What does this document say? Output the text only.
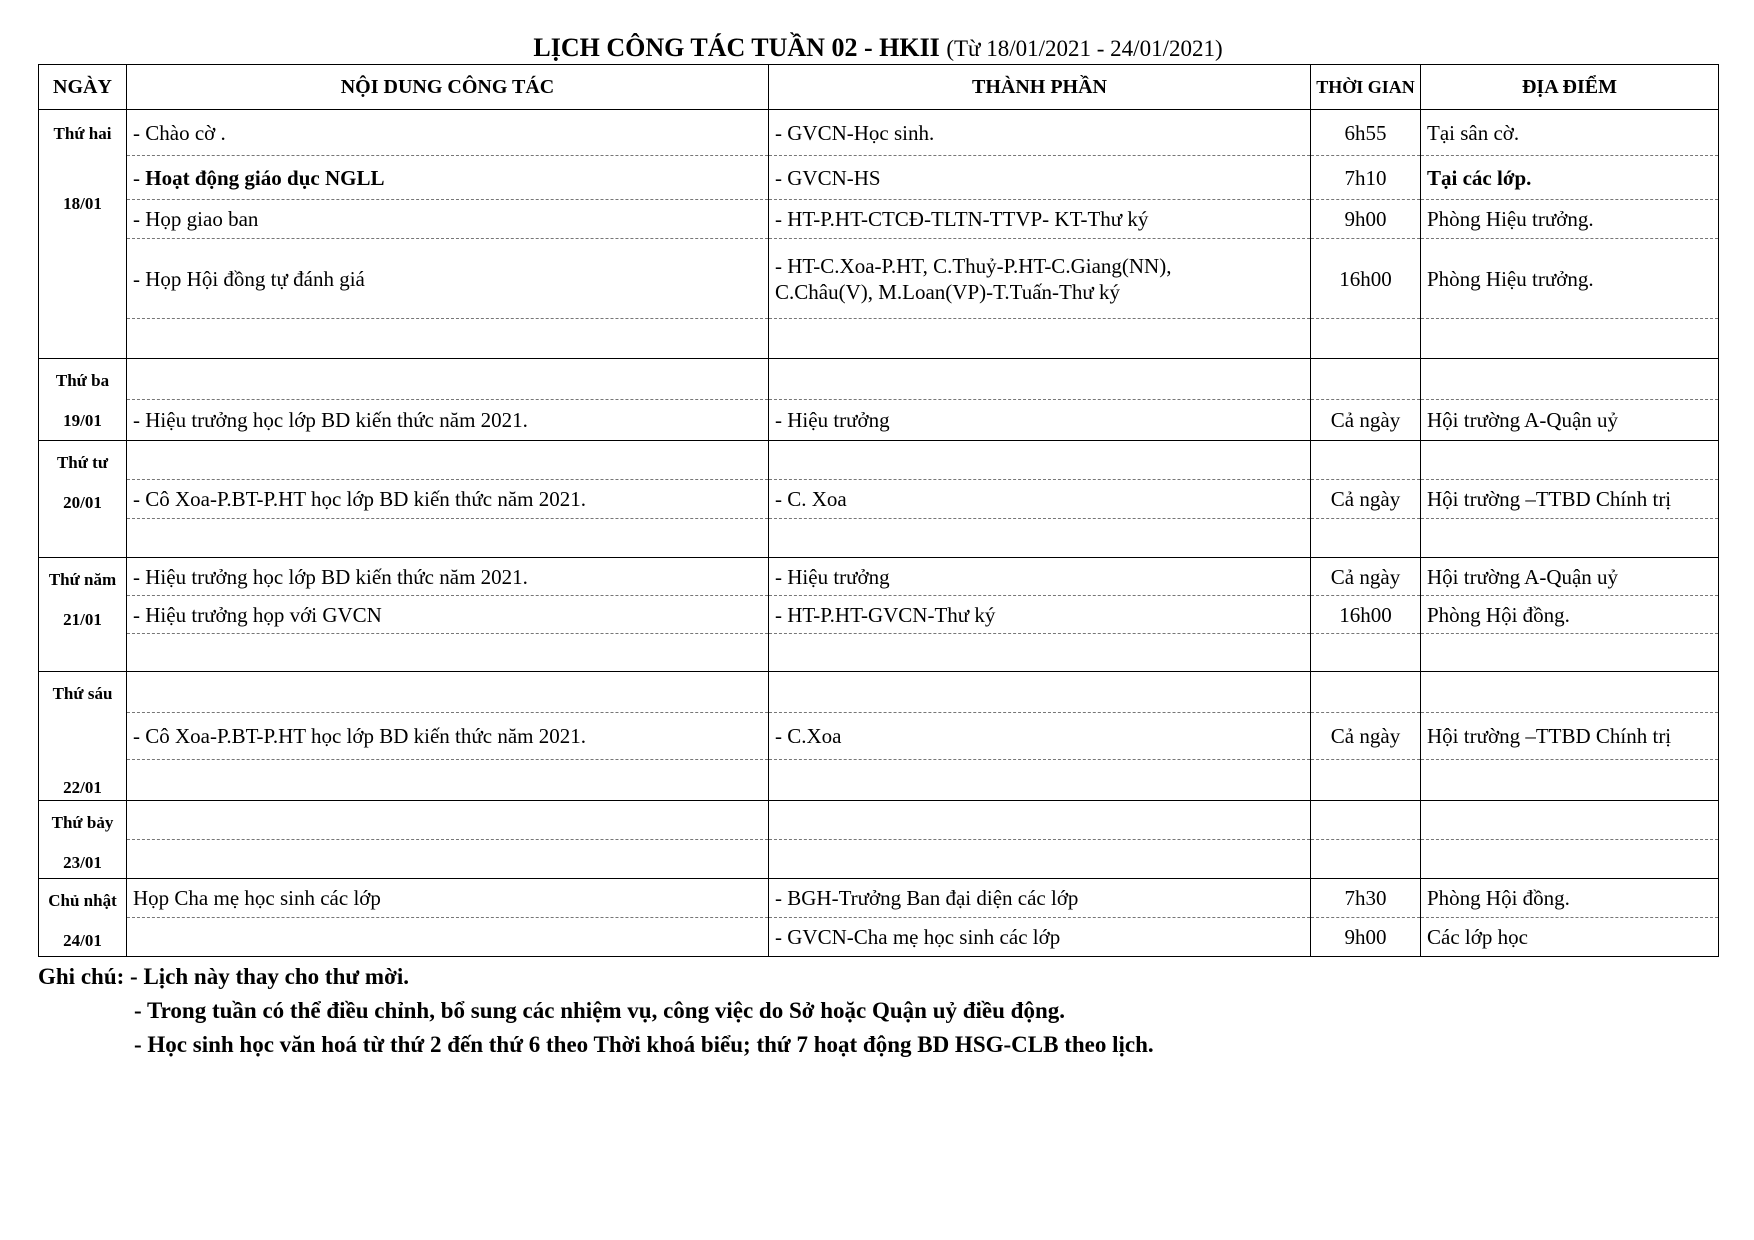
LỊCH CÔNG TÁC TUẦN 02 - HKII (Từ 18/01/2021 - 24/01/2021)
NGÀY	NỘI DUNG CÔNG TÁC	THÀNH PHẦN	THỜI GIAN	ĐỊA ĐIỂM

Thứ hai
18/01	- Chào cờ .	- GVCN-Học sinh.	6h55	Tại sân cờ.
	- Hoạt động giáo dục NGLL	- GVCN-HS	7h10	Tại các lớp.
	- Họp giao ban	- HT-P.HT-CTCĐ-TLTN-TTVP- KT-Thư ký	9h00	Phòng Hiệu trưởng.
	- Họp Hội đồng tự đánh giá	- HT-C.Xoa-P.HT, C.Thuỷ-P.HT-C.Giang(NN),
C.Châu(V), M.Loan(VP)-T.Tuấn-Thư ký	16h00	Phòng Hiệu trưởng.

Thứ ba
19/01				

	- Hiệu trưởng học lớp BD kiến thức năm 2021.	- Hiệu trưởng	Cả ngày	Hội trường A-Quận uỷ

Thứ tư
20/01				

	- Cô Xoa-P.BT-P.HT học lớp BD kiến thức năm 2021.	- C. Xoa	Cả ngày	Hội trường –TTBD Chính trị

Thứ năm
21/01	- Hiệu trưởng học lớp BD kiến thức năm 2021.	- Hiệu trưởng	Cả ngày	Hội trường A-Quận uỷ
	- Hiệu trưởng họp với GVCN	- HT-P.HT-GVCN-Thư ký	16h00	Phòng Hội đồng.

Thứ sáu
22/01				

	- Cô Xoa-P.BT-P.HT học lớp BD kiến thức năm 2021.	- C.Xoa	Cả ngày	Hội trường –TTBD Chính trị

Thứ bảy
23/01				

Chủ nhật
24/01	Họp Cha mẹ học sinh các lớp	- BGH-Trưởng Ban đại diện các lớp	7h30	Phòng Hội đồng.
		- GVCN-Cha mẹ học sinh các lớp	9h00	Các lớp học
Ghi chú: - Lịch này thay cho thư mời.
- Trong tuần có thể điều chỉnh, bổ sung các nhiệm vụ, công việc do Sở hoặc Quận uỷ điều động.
- Học sinh học văn hoá từ thứ 2 đến thứ 6 theo Thời khoá biểu; thứ 7 hoạt động BD HSG-CLB theo lịch.
